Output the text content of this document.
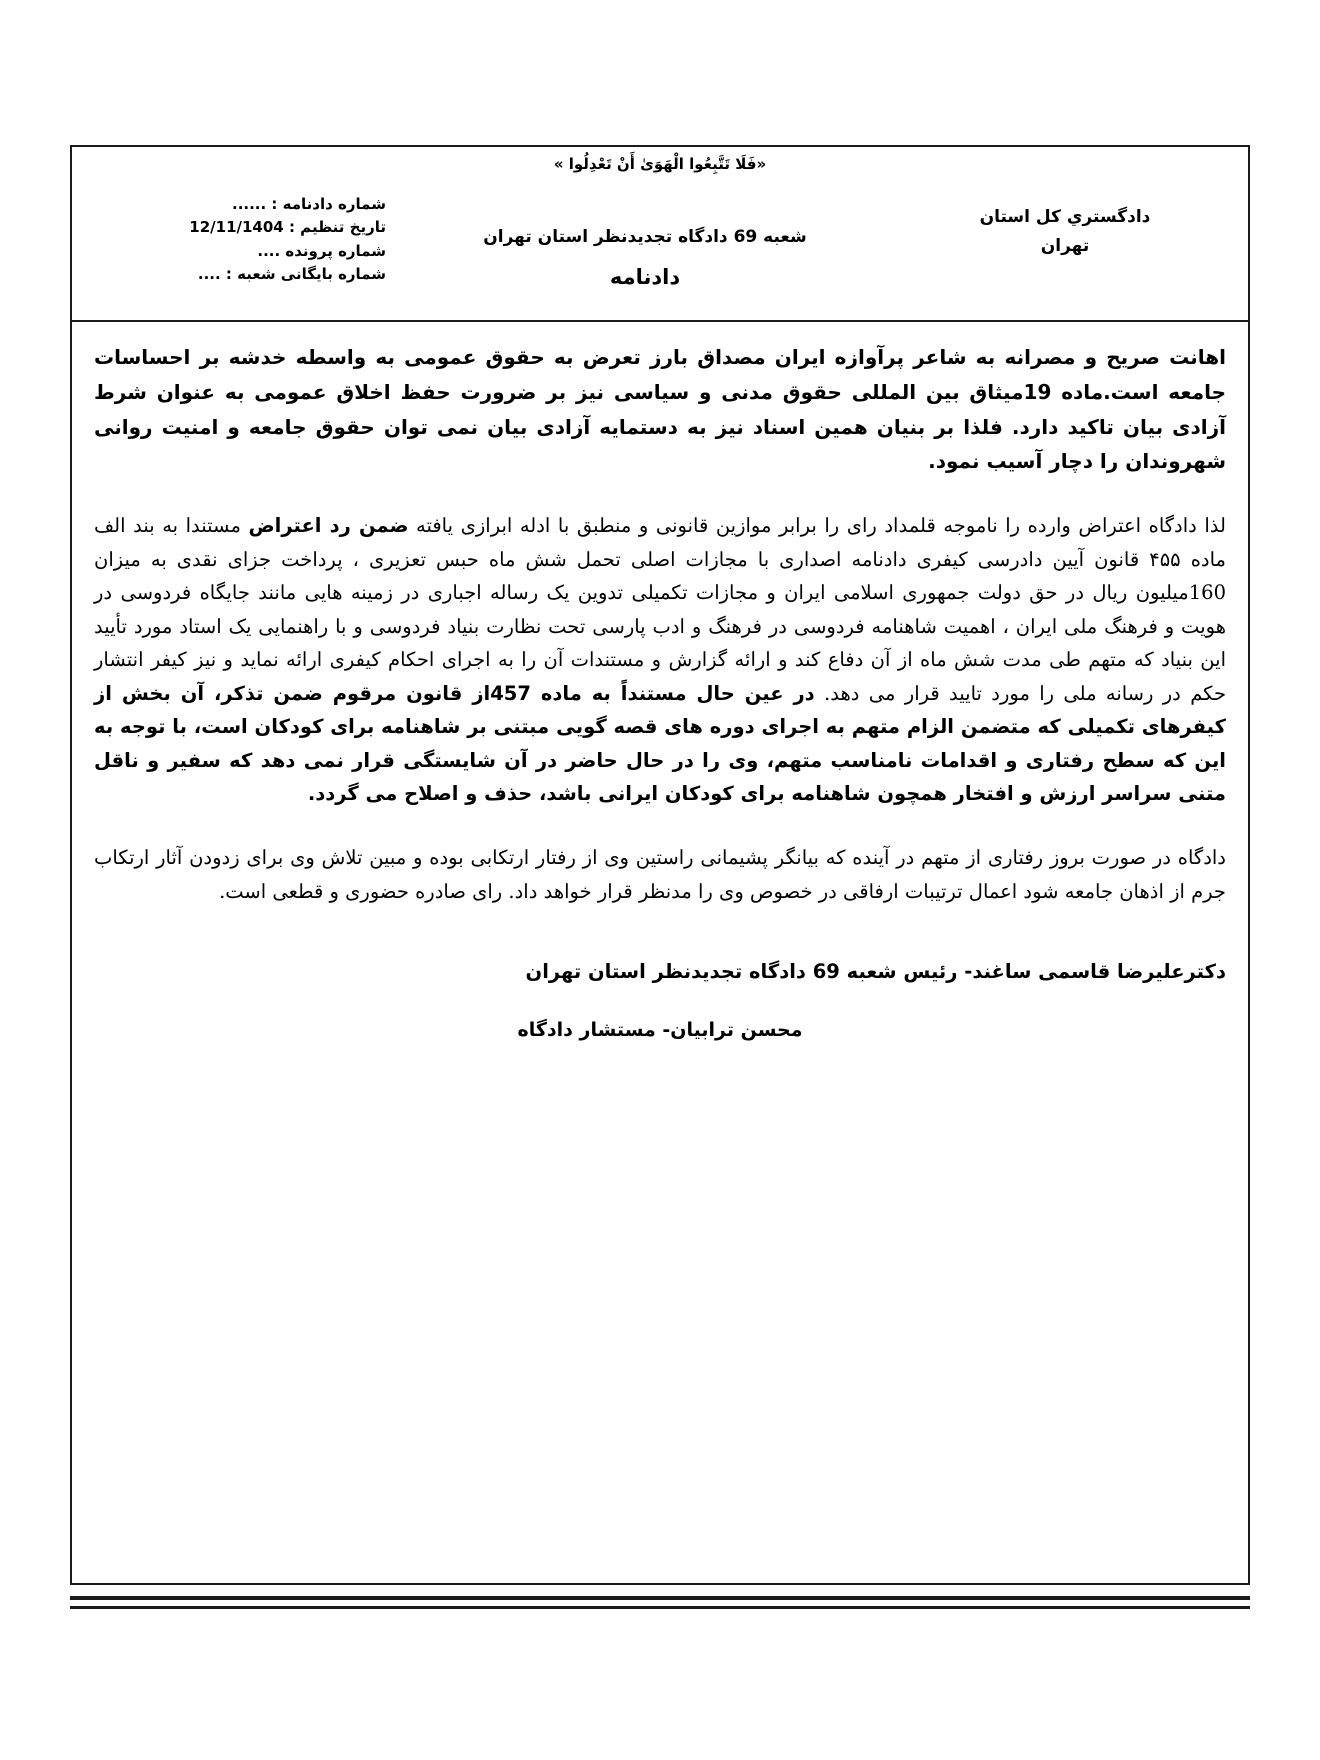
«فَلَا تَتَّبِعُوا الْهَوَىٰ أَنْ تَعْدِلُوا »
دادگستري كل استان
تهران
شعبه 69 دادگاه تجدیدنظر استان تهران
دادنامه
شماره دادنامه : ......
تاریخ تنظیم : 12/11/1404
شماره پرونده ....
شماره بایگانی شعبه : ....

اهانت صریح و مصرانه به شاعر پرآوازه ایران مصداق بارز تعرض به حقوق عمومی به واسطه خدشه بر احساسات جامعه است.ماده 19میثاق بین المللی حقوق مدنی و سیاسی نیز بر ضرورت حفظ اخلاق عمومی به عنوان شرط آزادی بیان تاکید دارد. فلذا بر بنیان همین اسناد نیز به دستمایه آزادی بیان نمی توان حقوق جامعه و امنیت روانی شهروندان را دچار آسیب نمود.

لذا دادگاه اعتراض وارده را ناموجه قلمداد رای را برابر موازین قانونی و منطبق با ادله ابرازی یافته ضمن رد اعتراض مستندا به بند الف ماده ۴۵۵ قانون آیین دادرسی کیفری دادنامه اصداری با مجازات اصلی تحمل شش ماه حبس تعزیری ، پرداخت جزای نقدی به میزان 160میلیون ریال در حق دولت جمهوری اسلامی ایران و مجازات تکمیلی تدوین یک رساله اجباری در زمینه هایی مانند جایگاه فردوسی در هویت و فرهنگ ملی ایران ، اهمیت شاهنامه فردوسی در فرهنگ و ادب پارسی تحت نظارت بنیاد فردوسی و با راهنمایی یک استاد مورد تأیید این بنیاد که متهم طی مدت شش ماه از آن دفاع کند و ارائه گزارش و مستندات آن را به اجرای احکام کیفری ارائه نماید و نیز کیفر انتشار حکم در رسانه ملی را مورد تایید قرار می دهد. در عین حال مستنداً به ماده 457از قانون مرقوم ضمن تذکر، آن بخش از کیفرهای تکمیلی که متضمن الزام متهم به اجرای دوره های قصه گویی مبتنی بر شاهنامه برای کودکان است، با توجه به این که سطح رفتاری و اقدامات نامناسب متهم، وی را در حال حاضر در آن شایستگی قرار نمی دهد که سفیر و ناقل متنی سراسر ارزش و افتخار همچون شاهنامه برای کودکان ایرانی باشد، حذف و اصلاح می گردد.

دادگاه در صورت بروز رفتاری از متهم در آینده که بیانگر پشیمانی راستین وی از رفتار ارتکابی بوده و مبین تلاش وی برای زدودن آثار ارتکاب جرم از اذهان جامعه شود اعمال ترتیبات ارفاقی در خصوص وی را مدنظر قرار خواهد داد. رای صادره حضوری و قطعی است.

دکترعلیرضا قاسمی ساغند- رئیس شعبه 69 دادگاه تجدیدنظر استان تهران

محسن ترابیان- مستشار دادگاه
